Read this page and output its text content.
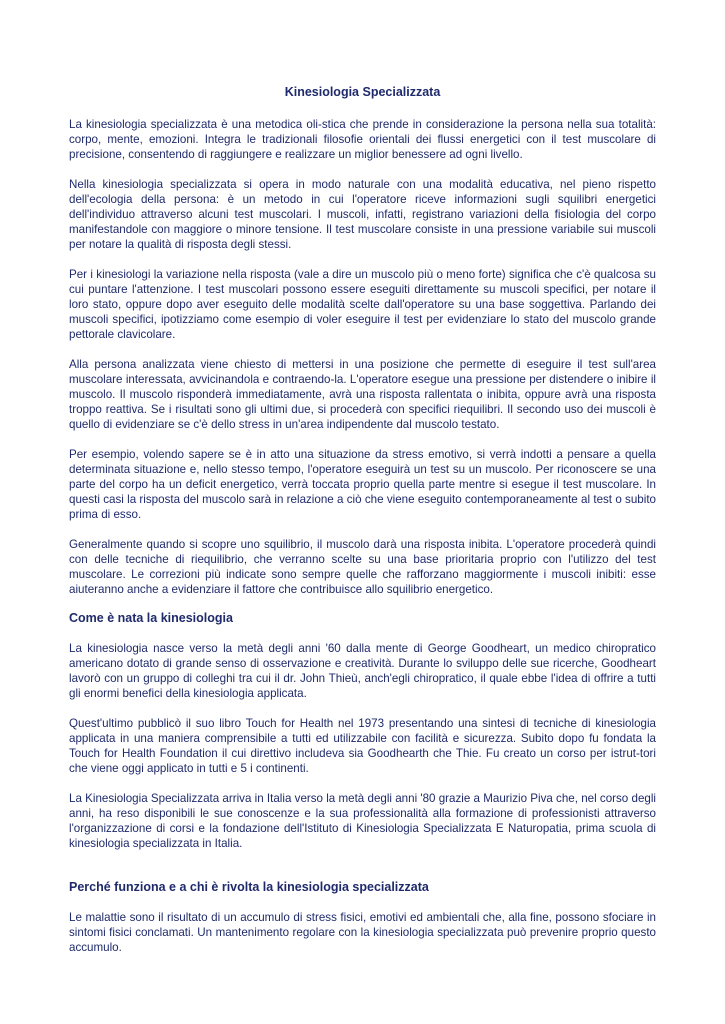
Kinesiologia Specializzata

La kinesiologia specializzata è una metodica oli-stica che prende in considerazione la persona nella sua totalità: corpo, mente, emozioni. Integra le tradizionali filosofie orientali dei flussi energetici con il test muscolare di precisione, consentendo di raggiungere e realizzare un miglior benessere ad ogni livello.

Nella kinesiologia specializzata si opera in modo naturale con una modalità educativa, nel pieno rispetto dell'ecologia della persona: è un metodo in cui l'operatore riceve informazioni sugli squilibri energetici dell'individuo attraverso alcuni test muscolari. I muscoli, infatti, registrano variazioni della fisiologia del corpo manifestandole con maggiore o minore tensione. Il test muscolare consiste in una pressione variabile sui muscoli per notare la qualità di risposta degli stessi.

Per i kinesiologi la variazione nella risposta (vale a dire un muscolo più o meno forte) significa che c'è qualcosa su cui puntare l'attenzione. I test muscolari possono essere eseguiti direttamente su muscoli specifici, per notare il loro stato, oppure dopo aver eseguito delle modalità scelte dall'operatore su una base soggettiva. Parlando dei muscoli specifici, ipotizziamo come esempio di voler eseguire il test per evidenziare lo stato del muscolo grande pettorale clavicolare.

Alla persona analizzata viene chiesto di mettersi in una posizione che permette di eseguire il test sull'area muscolare interessata, avvicinandola e contraendo-la. L'operatore esegue una pressione per distendere o inibire il muscolo. Il muscolo risponderà immediatamente, avrà una risposta rallentata o inibita, oppure avrà una risposta troppo reattiva. Se i risultati sono gli ultimi due, si procederà con specifici riequilibri. Il secondo uso dei muscoli è quello di evidenziare se c'è dello stress in un'area indipendente dal muscolo testato.

Per esempio, volendo sapere se è in atto una situazione da stress emotivo, si verrà indotti a pensare a quella determinata situazione e, nello stesso tempo, l'operatore eseguirà un test su un muscolo. Per riconoscere se una parte del corpo ha un deficit energetico, verrà toccata proprio quella parte mentre si esegue il test muscolare. In questi casi la risposta del muscolo sarà in relazione a ciò che viene eseguito contemporaneamente al test o subito prima di esso.

Generalmente quando si scopre uno squilibrio, il muscolo darà una risposta inibita. L'operatore procederà quindi con delle tecniche di riequilibrio, che verranno scelte su una base prioritaria proprio con l'utilizzo del test muscolare. Le correzioni più indicate sono sempre quelle che rafforzano maggiormente i muscoli inibiti: esse aiuteranno anche a evidenziare il fattore che contribuisce allo squilibrio energetico.

Come è nata la kinesiologia

La kinesiologia nasce verso la metà degli anni '60 dalla mente di George Goodheart, un medico chiropratico americano dotato di grande senso di osservazione e creatività. Durante lo sviluppo delle sue ricerche, Goodheart lavorò con un gruppo di colleghi tra cui il dr. John Thieù, anch'egli chiropratico, il quale ebbe l'idea di offrire a tutti gli enormi benefici della kinesiologia applicata.

Quest'ultimo pubblicò il suo libro Touch for Health nel 1973 presentando una sintesi di tecniche di kinesiologia applicata in una maniera comprensibile a tutti ed utilizzabile con facilità e sicurezza. Subito dopo fu fondata la Touch for Health Foundation il cui direttivo includeva sia Goodhearth che Thie. Fu creato un corso per istrut-tori che viene oggi applicato in tutti e 5 i continenti.

La Kinesiologia Specializzata arriva in Italia verso la metà degli anni '80 grazie a Maurizio Piva che, nel corso degli anni, ha reso disponibili le sue conoscenze e la sua professionalità alla formazione di professionisti attraverso l'organizzazione di corsi e la fondazione dell'Istituto di Kinesiologia Specializzata E Naturopatia, prima scuola di kinesiologia specializzata in Italia.

Perché funziona e a chi è rivolta la kinesiologia specializzata

Le malattie sono il risultato di un accumulo di stress fisici, emotivi ed ambientali che, alla fine, possono sfociare in sintomi fisici conclamati. Un mantenimento regolare con la kinesiologia specializzata può prevenire proprio questo accumulo.
